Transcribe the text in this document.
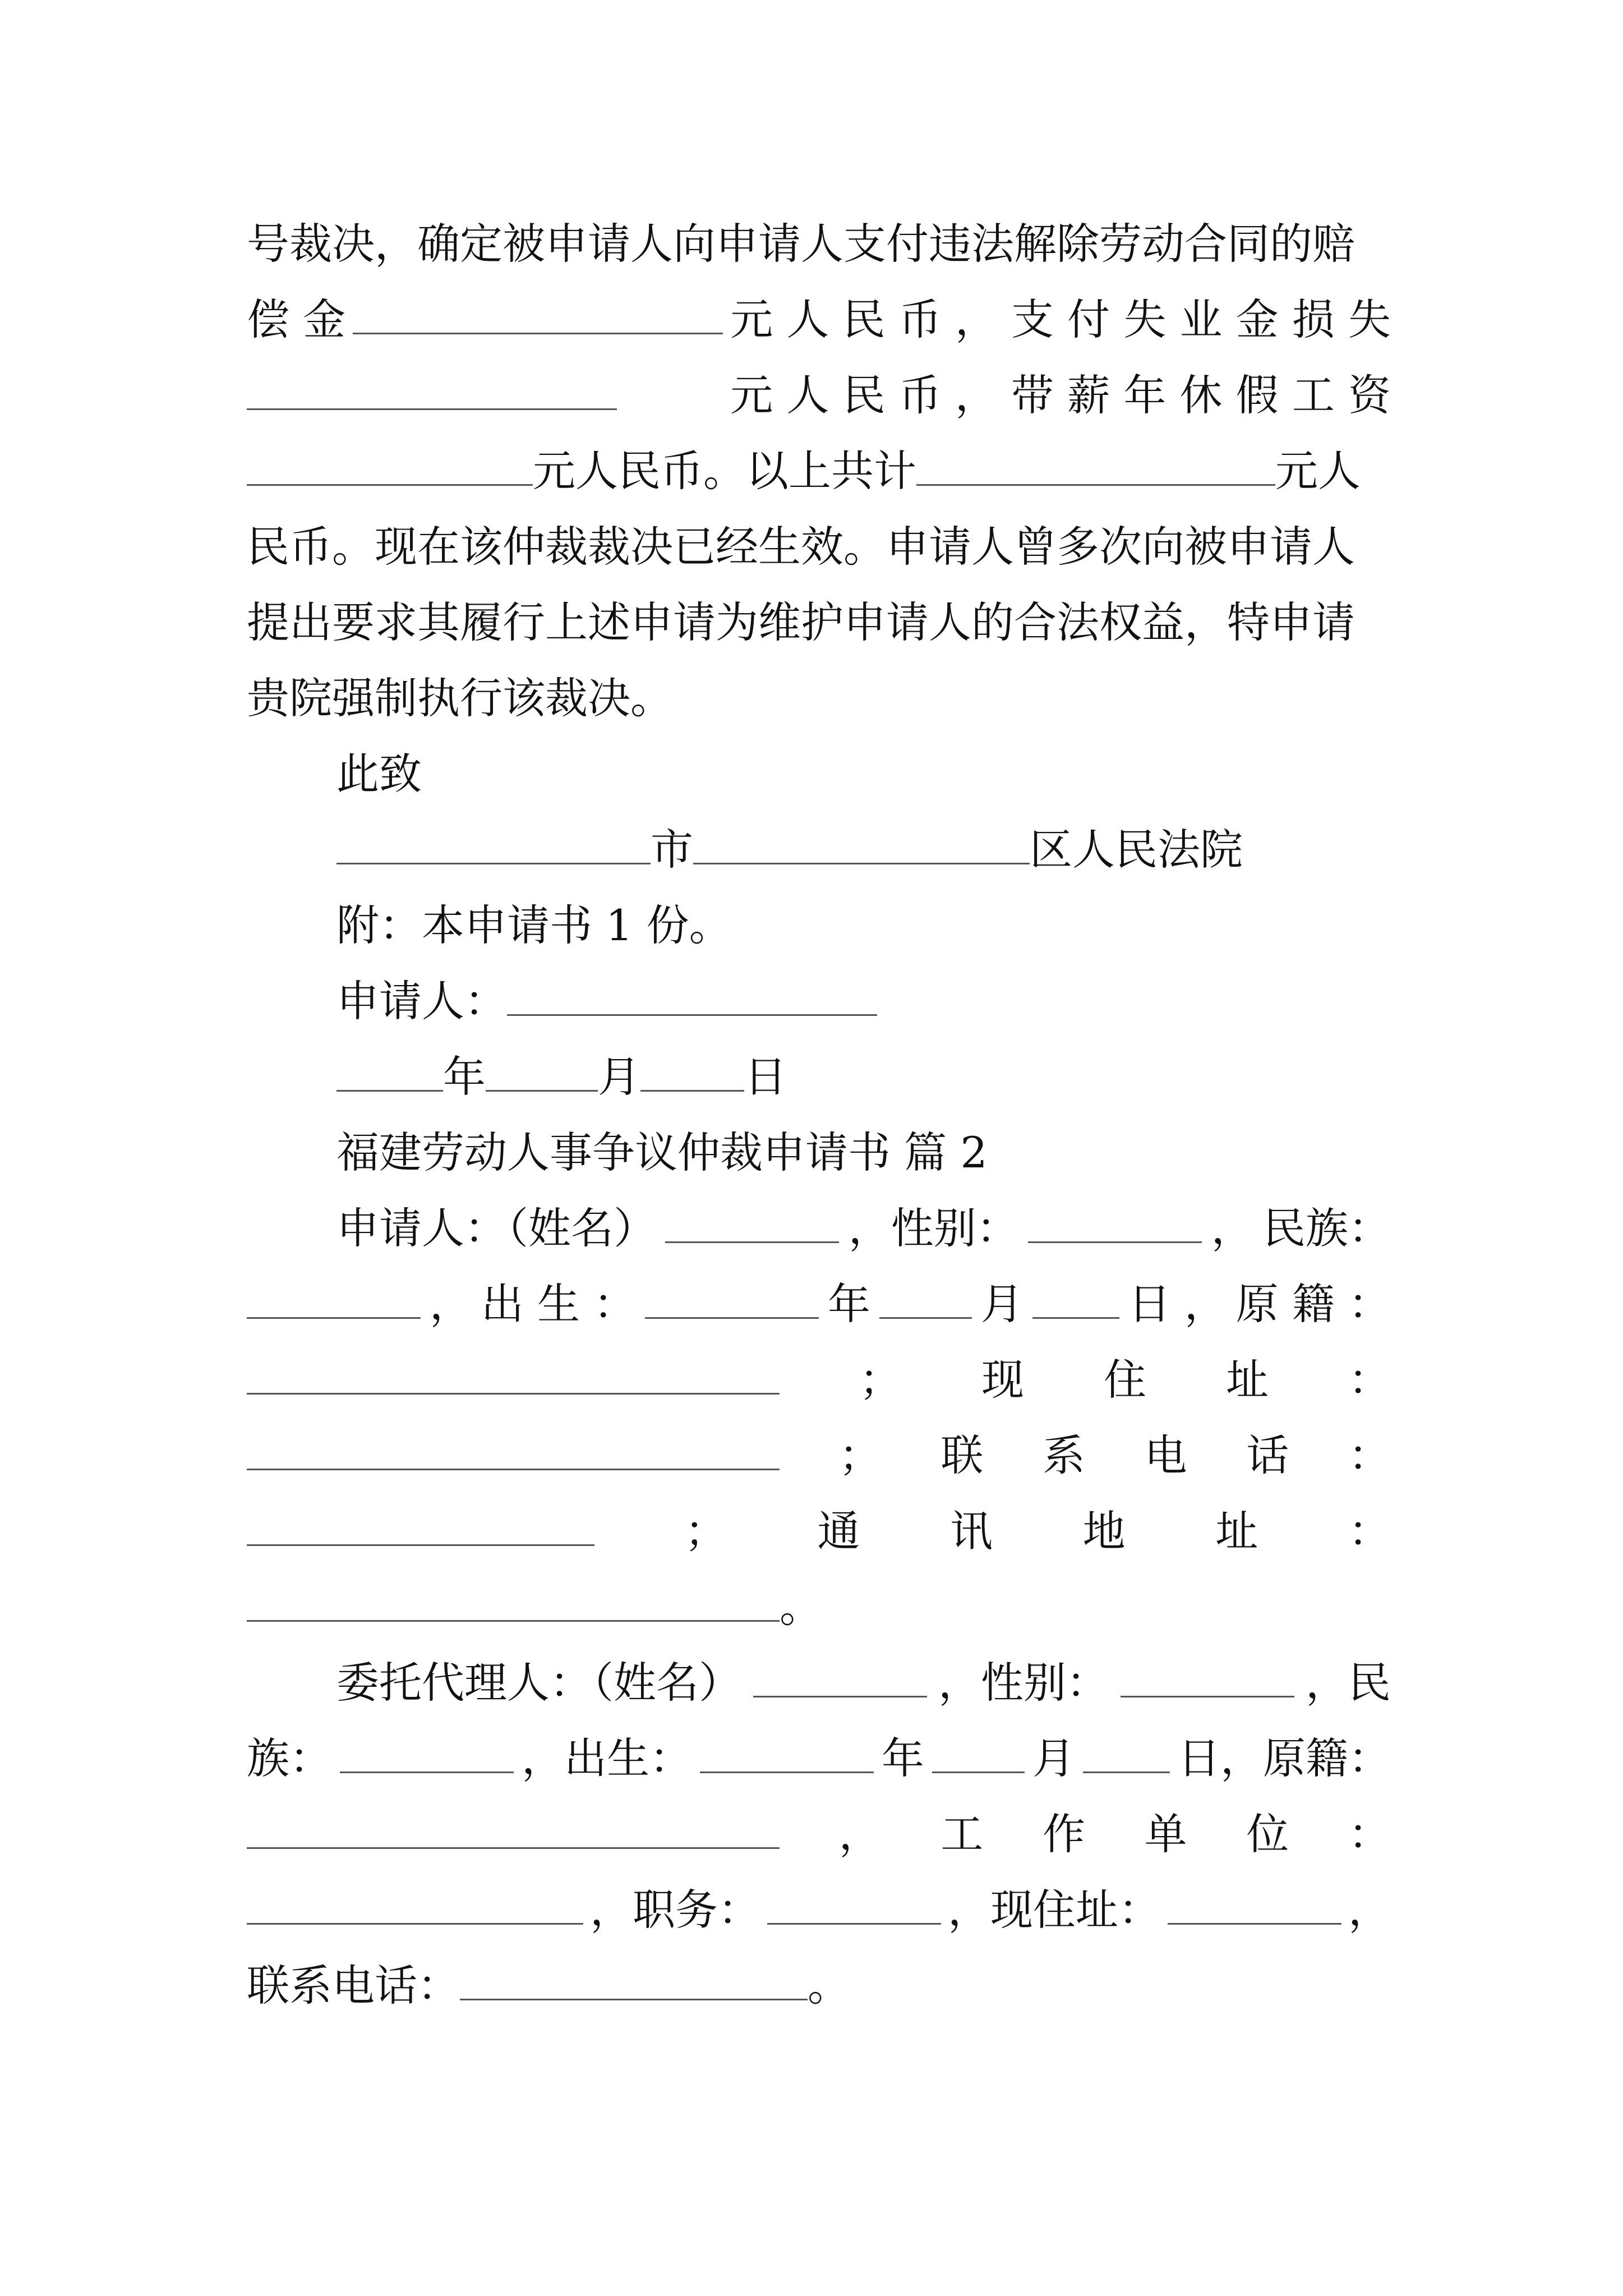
号裁决，确定被申请人向申请人支付违法解除劳动合同的赔
偿 金	元 人 民 币 ， 支 付 失 业 金 损 失
元 人 民 币 ， 带 薪 年 休 假 工 资
元人民币。以上共计	元人
民币。现在该仲裁裁决已经生效。申请人曾多次向被申请人
提出要求其履行上述申请为维护申请人的合法权益，特申请
贵院强制执行该裁决。
此致
市	区人民法院
附：本申请书 1 份。
申请人：
年	月 日
福建劳动人事争议仲裁申请书 篇 2
申请人：（姓名）	，性别：	， 民族：
， 出 生 ：	年	月 日 ， 原 籍 ：
； 现 住 址 ：
； 联 系 电 话 ：
； 通 讯 地 址 ：
。
委托代理人：（姓名）	，性别：	，民
族：	，出生：	年	月 日，原籍：
， 工 作 单 位 ：
，职务：	，现住址：	，
联系电话：	。
